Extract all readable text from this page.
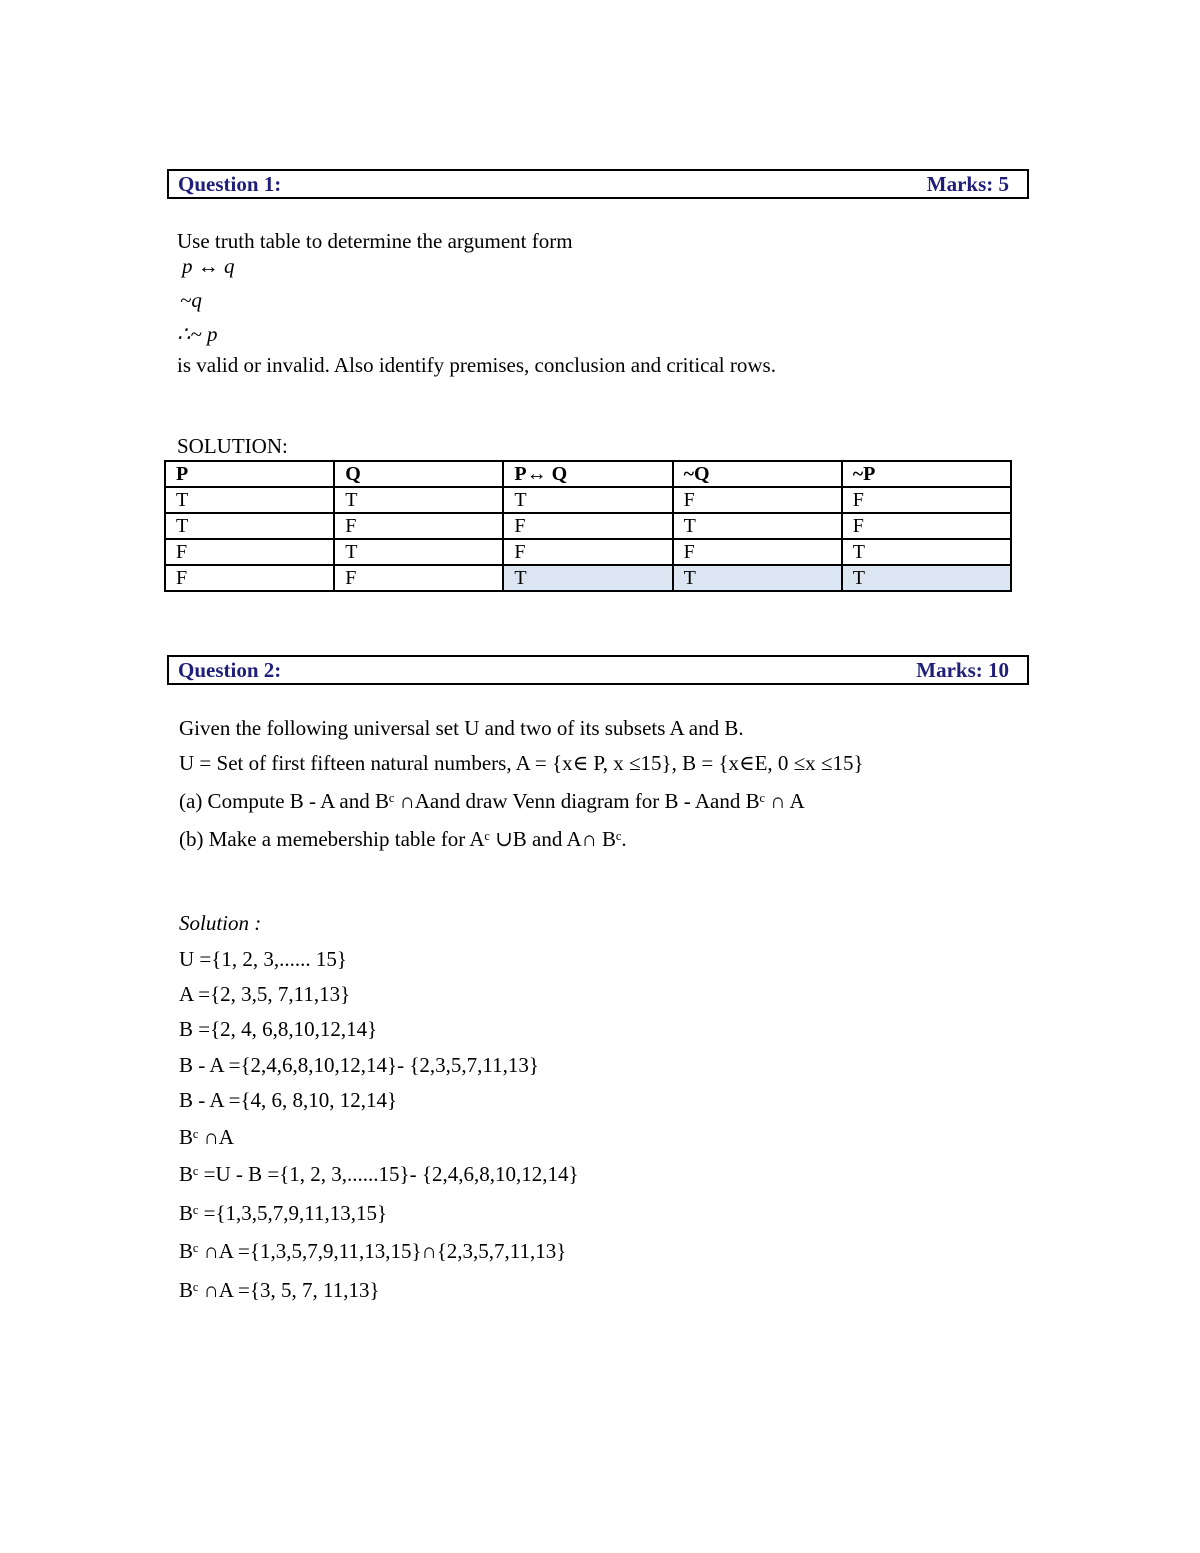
Question 1:	Marks: 5
Use truth table to determine the argument form
p ↔ q
~q
∴~ p
is valid or invalid. Also identify premises, conclusion and critical rows.
SOLUTION:
P	Q	P↔ Q	~Q	~P
T	T	T	F	F
T	F	F	T	F
F	T	F	F	T
F	F	T	T	T
Question 2:	Marks: 10
Given the following universal set U and two of its subsets A and B.
U = Set of first fifteen natural numbers, A = {x∈ P, x ≤15}, B = {x∈E, 0 ≤x ≤15}
(a) Compute B - A and Bᶜ ∩Aand draw Venn diagram for B - Aand Bᶜ ∩ A
(b) Make a memebership table for Aᶜ ∪B and A∩ Bᶜ.
Solution :
U ={1, 2, 3,...... 15}
A ={2, 3,5, 7,11,13}
B ={2, 4, 6,8,10,12,14}
B - A ={2,4,6,8,10,12,14}- {2,3,5,7,11,13}
B - A ={4, 6, 8,10, 12,14}
Bᶜ ∩A
Bᶜ =U - B ={1, 2, 3,......15}- {2,4,6,8,10,12,14}
Bᶜ ={1,3,5,7,9,11,13,15}
Bᶜ ∩A ={1,3,5,7,9,11,13,15}∩{2,3,5,7,11,13}
Bᶜ ∩A ={3, 5, 7, 11,13}
